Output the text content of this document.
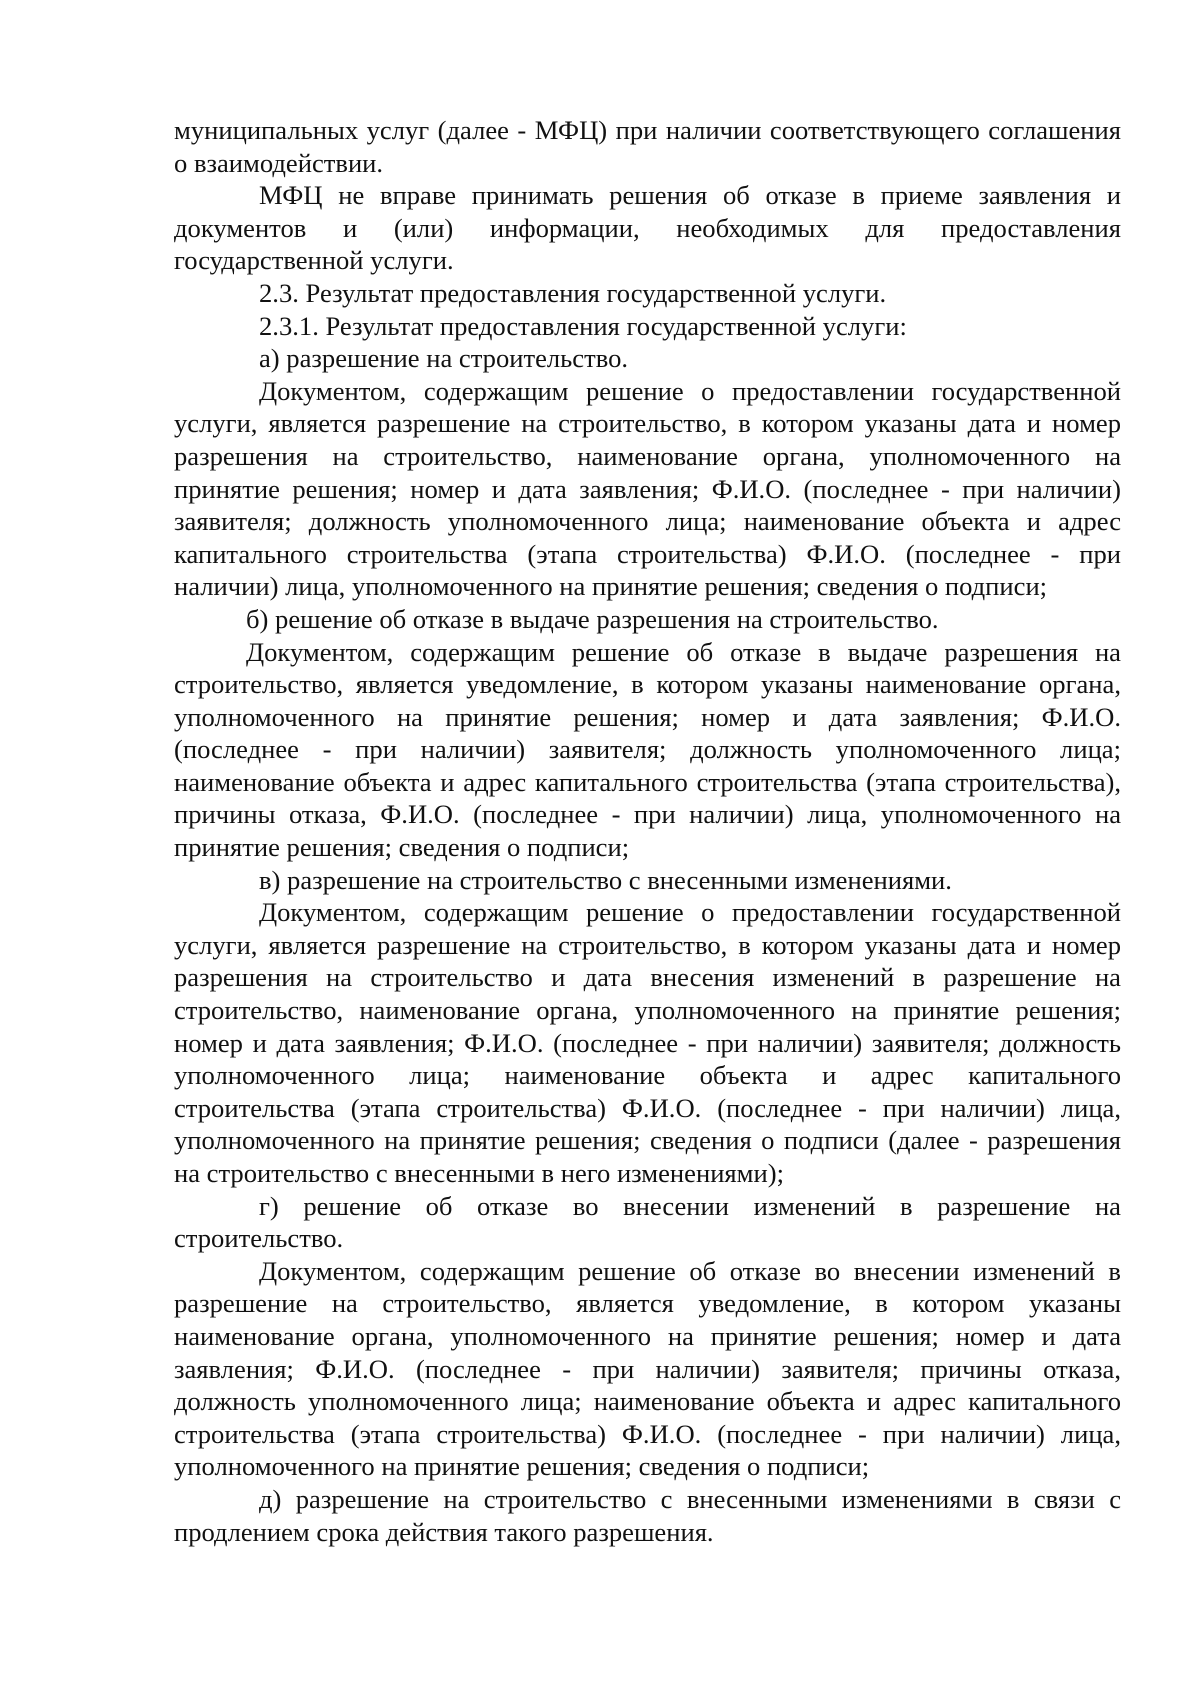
муниципальных услуг (далее - МФЦ) при наличии соответствующего соглашения о взаимодействии.

МФЦ не вправе принимать решения об отказе в приеме заявления и документов и (или) информации, необходимых для предоставления государственной услуги.

2.3. Результат предоставления государственной услуги.

2.3.1. Результат предоставления государственной услуги:

а) разрешение на строительство.

Документом, содержащим решение о предоставлении государственной услуги, является разрешение на строительство, в котором указаны дата и номер разрешения на строительство, наименование органа, уполномоченного на принятие решения; номер и дата заявления; Ф.И.О. (последнее - при наличии) заявителя; должность уполномоченного лица; наименование объекта и адрес капитального строительства (этапа строительства) Ф.И.О. (последнее - при наличии) лица, уполномоченного на принятие решения; сведения о подписи;

б) решение об отказе в выдаче разрешения на строительство.

Документом, содержащим решение об отказе в выдаче разрешения на строительство, является уведомление, в котором указаны наименование органа, уполномоченного на принятие решения; номер и дата заявления; Ф.И.О. (последнее - при наличии) заявителя; должность уполномоченного лица; наименование объекта и адрес капитального строительства (этапа строительства), причины отказа, Ф.И.О. (последнее - при наличии) лица, уполномоченного на принятие решения; сведения о подписи;

в) разрешение на строительство с внесенными изменениями.

Документом, содержащим решение о предоставлении государственной услуги, является разрешение на строительство, в котором указаны дата и номер разрешения на строительство и дата внесения изменений в разрешение на строительство, наименование органа, уполномоченного на принятие решения; номер и дата заявления; Ф.И.О. (последнее - при наличии) заявителя; должность уполномоченного лица; наименование объекта и адрес капитального строительства (этапа строительства) Ф.И.О. (последнее - при наличии) лица, уполномоченного на принятие решения; сведения о подписи (далее - разрешения на строительство с внесенными в него изменениями);

г) решение об отказе во внесении изменений в разрешение на строительство.

Документом, содержащим решение об отказе во внесении изменений в разрешение на строительство, является уведомление, в котором указаны наименование органа, уполномоченного на принятие решения; номер и дата заявления; Ф.И.О. (последнее - при наличии) заявителя; причины отказа, должность уполномоченного лица; наименование объекта и адрес капитального строительства (этапа строительства) Ф.И.О. (последнее - при наличии) лица, уполномоченного на принятие решения; сведения о подписи;

д) разрешение на строительство с внесенными изменениями в связи с продлением срока действия такого разрешения.
